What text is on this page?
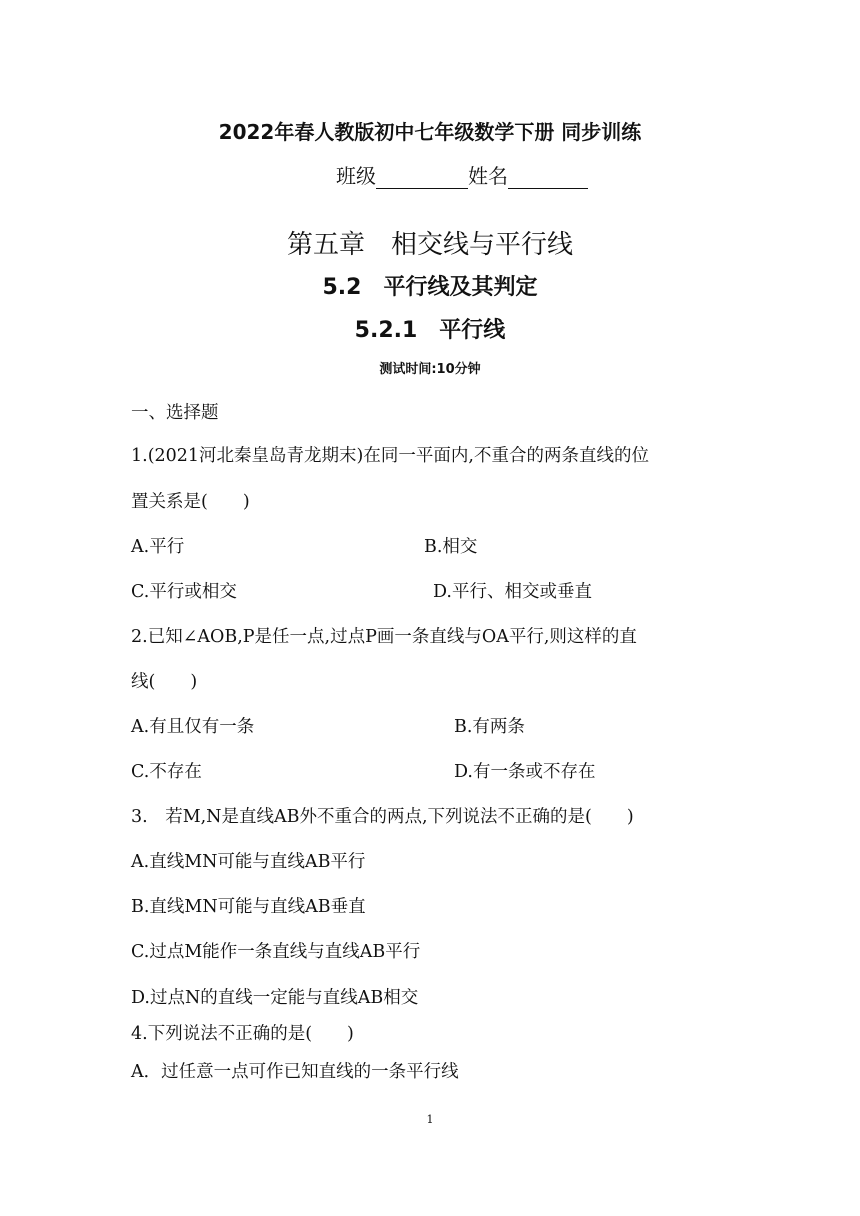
2022年春人教版初中七年级数学下册 同步训练
班级	姓名
第五章　相交线与平行线
5.2　平行线及其判定
5.2.1　平行线
测试时间:10分钟
一、选择题
1.(2021河北秦皇岛青龙期末)在同一平面内,不重合的两条直线的位
置关系是(　　)
A.平行	B.相交
C.平行或相交	D.平行、相交或垂直
2.已知∠AOB,P是任一点,过点P画一条直线与OA平行,则这样的直
线(　　)
A.有且仅有一条	B.有两条
C.不存在	D.有一条或不存在
3.　若M,N是直线AB外不重合的两点,下列说法不正确的是(　　)
A.直线MN可能与直线AB平行
B.直线MN可能与直线AB垂直
C.过点M能作一条直线与直线AB平行
D.过点N的直线一定能与直线AB相交
4.下列说法不正确的是(　　)
A．过任意一点可作已知直线的一条平行线
1
